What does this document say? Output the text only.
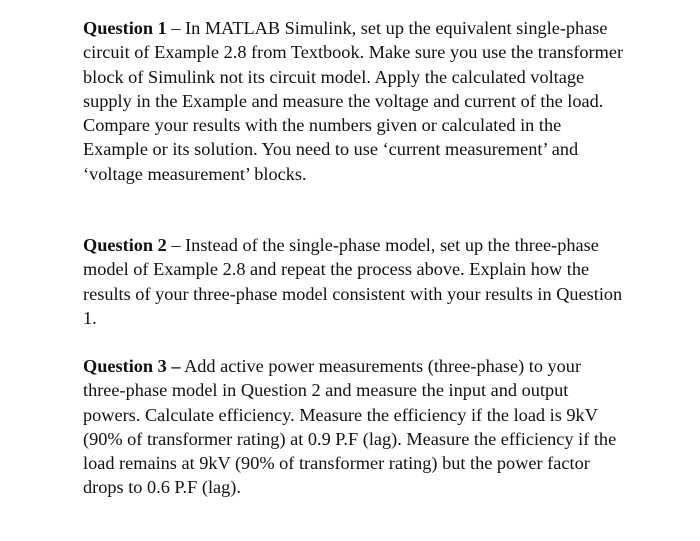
Question 1 – In MATLAB Simulink, set up the equivalent single-phase circuit of Example 2.8 from Textbook. Make sure you use the transformer block of Simulink not its circuit model. Apply the calculated voltage supply in the Example and measure the voltage and current of the load. Compare your results with the numbers given or calculated in the Example or its solution. You need to use ‘current measurement’ and ‘voltage measurement’ blocks.

Question 2 – Instead of the single-phase model, set up the three-phase model of Example 2.8 and repeat the process above. Explain how the results of your three-phase model consistent with your results in Question 1.

Question 3 – Add active power measurements (three-phase) to your three-phase model in Question 2 and measure the input and output powers. Calculate efficiency. Measure the efficiency if the load is 9kV (90% of transformer rating) at 0.9 P.F (lag). Measure the efficiency if the load remains at 9kV (90% of transformer rating) but the power factor drops to 0.6 P.F (lag).
